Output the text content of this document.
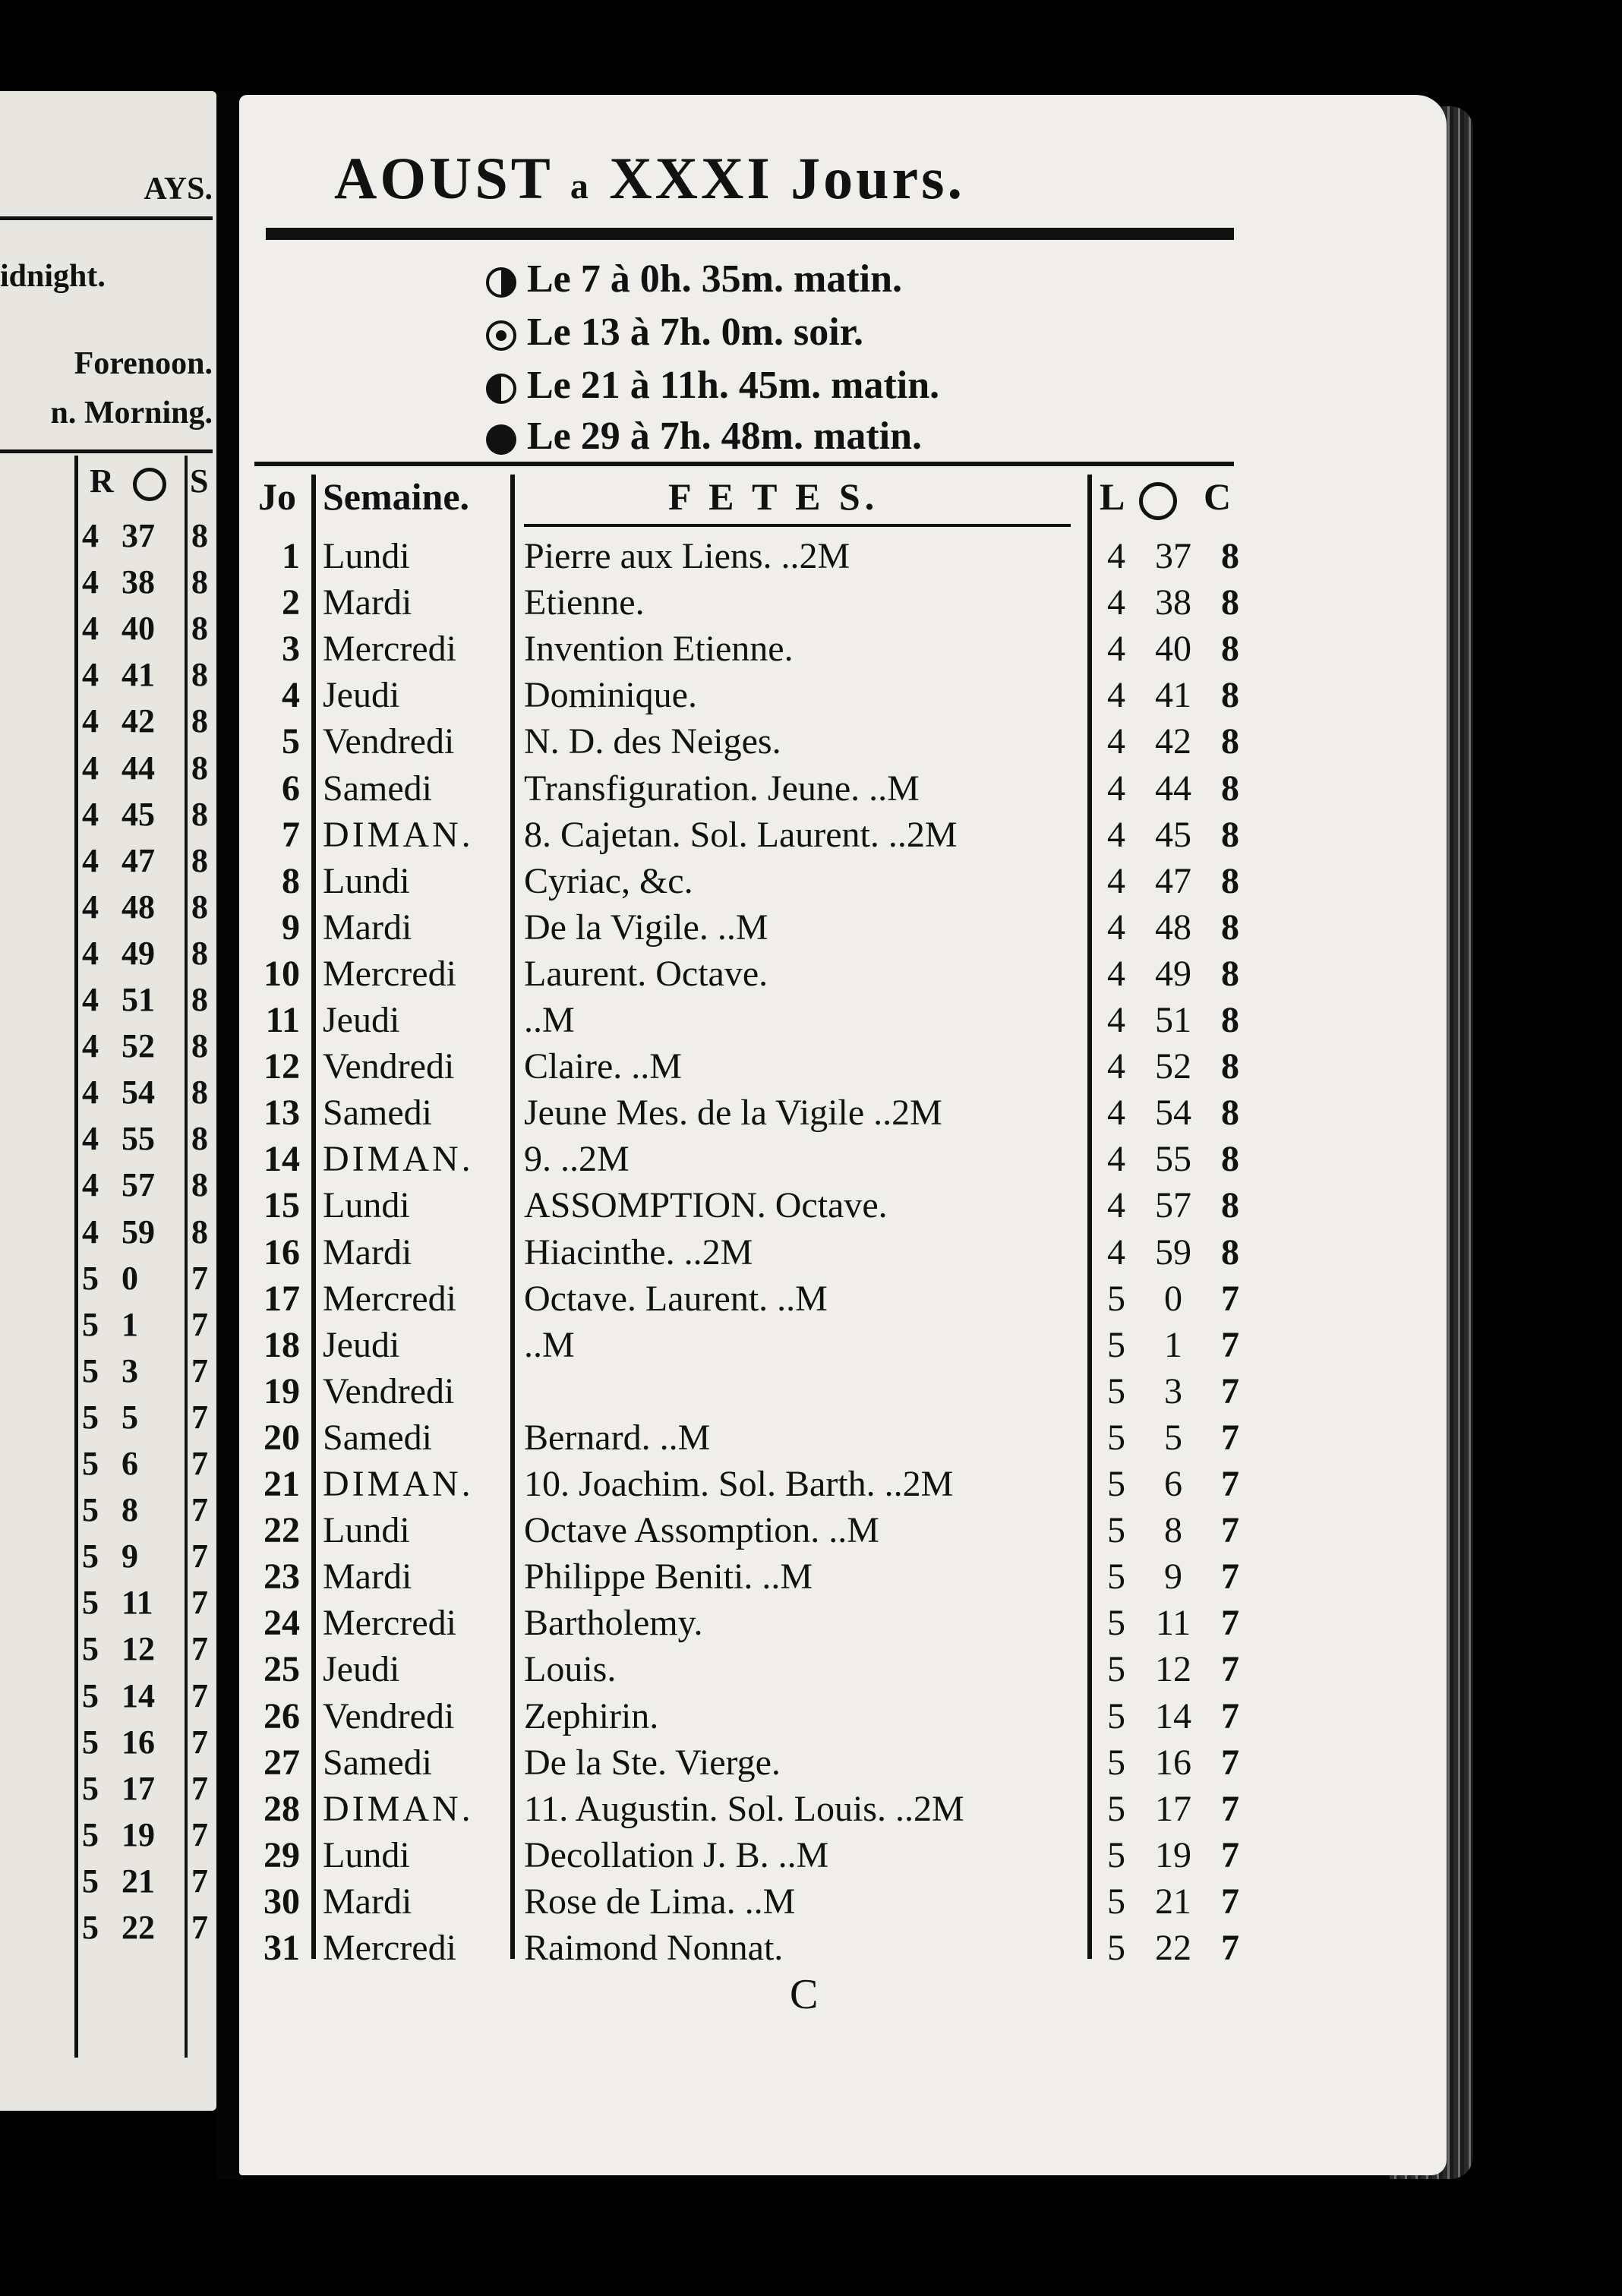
AYS.
idnight.
Forenoon.
n. Morning.
R S
4 37 8
4 38 8
4 40 8
4 41 8
4 42 8
4 44 8
4 45 8
4 47 8
4 48 8
4 49 8
4 51 8
4 52 8
4 54 8
4 55 8
4 57 8
4 59 8
5 0 7
5 1 7
5 3 7
5 5 7
5 6 7
5 8 7
5 9 7
5 11 7
5 12 7
5 14 7
5 16 7
5 17 7
5 19 7
5 21 7
5 22 7
AOUST a XXXI Jours.
Le 7 à 0h. 35m. matin.
Le 13 à 7h. 0m. soir.
Le 21 à 11h. 45m. matin.
Le 29 à 7h. 48m. matin.
Jo Semaine.	F E T E S.	L C
1 Lundi	Pierre aux Liens. ..2M	4 37 8
2 Mardi	Etienne.	4 38 8
3 Mercredi Invention Etienne.	4 40 8
4 Jeudi	Dominique.	4 41 8
5 Vendredi N. D. des Neiges.	4 42 8
6 Samedi	Transfiguration. Jeune. ..M	4 44 8
7 DIMAN. 8. Cajetan. Sol. Laurent. ..2M	4 45 8
8 Lundi	Cyriac, &c.	4 47 8
9 Mardi	De la Vigile. ..M	4 48 8
10 Mercredi Laurent. Octave.	4 49 8
11 Jeudi	..M	4 51 8
12 Vendredi Claire. ..M	4 52 8
13 Samedi	Jeune Mes. de la Vigile ..2M	4 54 8
14 DIMAN. 9. ..2M	4 55 8
15 Lundi	ASSOMPTION. Octave.	4 57 8
16 Mardi	Hiacinthe. ..2M	4 59 8
17 Mercredi Octave. Laurent. ..M	5	0	7
18 Jeudi	..M	5	1	7
19 Vendredi	5	3	7
20 Samedi	Bernard. ..M	5	5	7
21 DIMAN. 10. Joachim. Sol. Barth. ..2M	5	6	7
22 Lundi	Octave Assomption. ..M	5	8	7
23 Mardi	Philippe Beniti. ..M	5	9	7
24 Mercredi Bartholemy.	5 11 7
25 Jeudi	Louis.	5 12 7
26 Vendredi Zephirin.	5 14 7
27 Samedi	De la Ste. Vierge.	5 16 7
28 DIMAN. 11. Augustin. Sol. Louis. ..2M	5 17 7
29 Lundi	Decollation J. B. ..M	5 19 7
30 Mardi	Rose de Lima. ..M	5 21 7
31 Mercredi Raimond Nonnat.	5 22 7
C
